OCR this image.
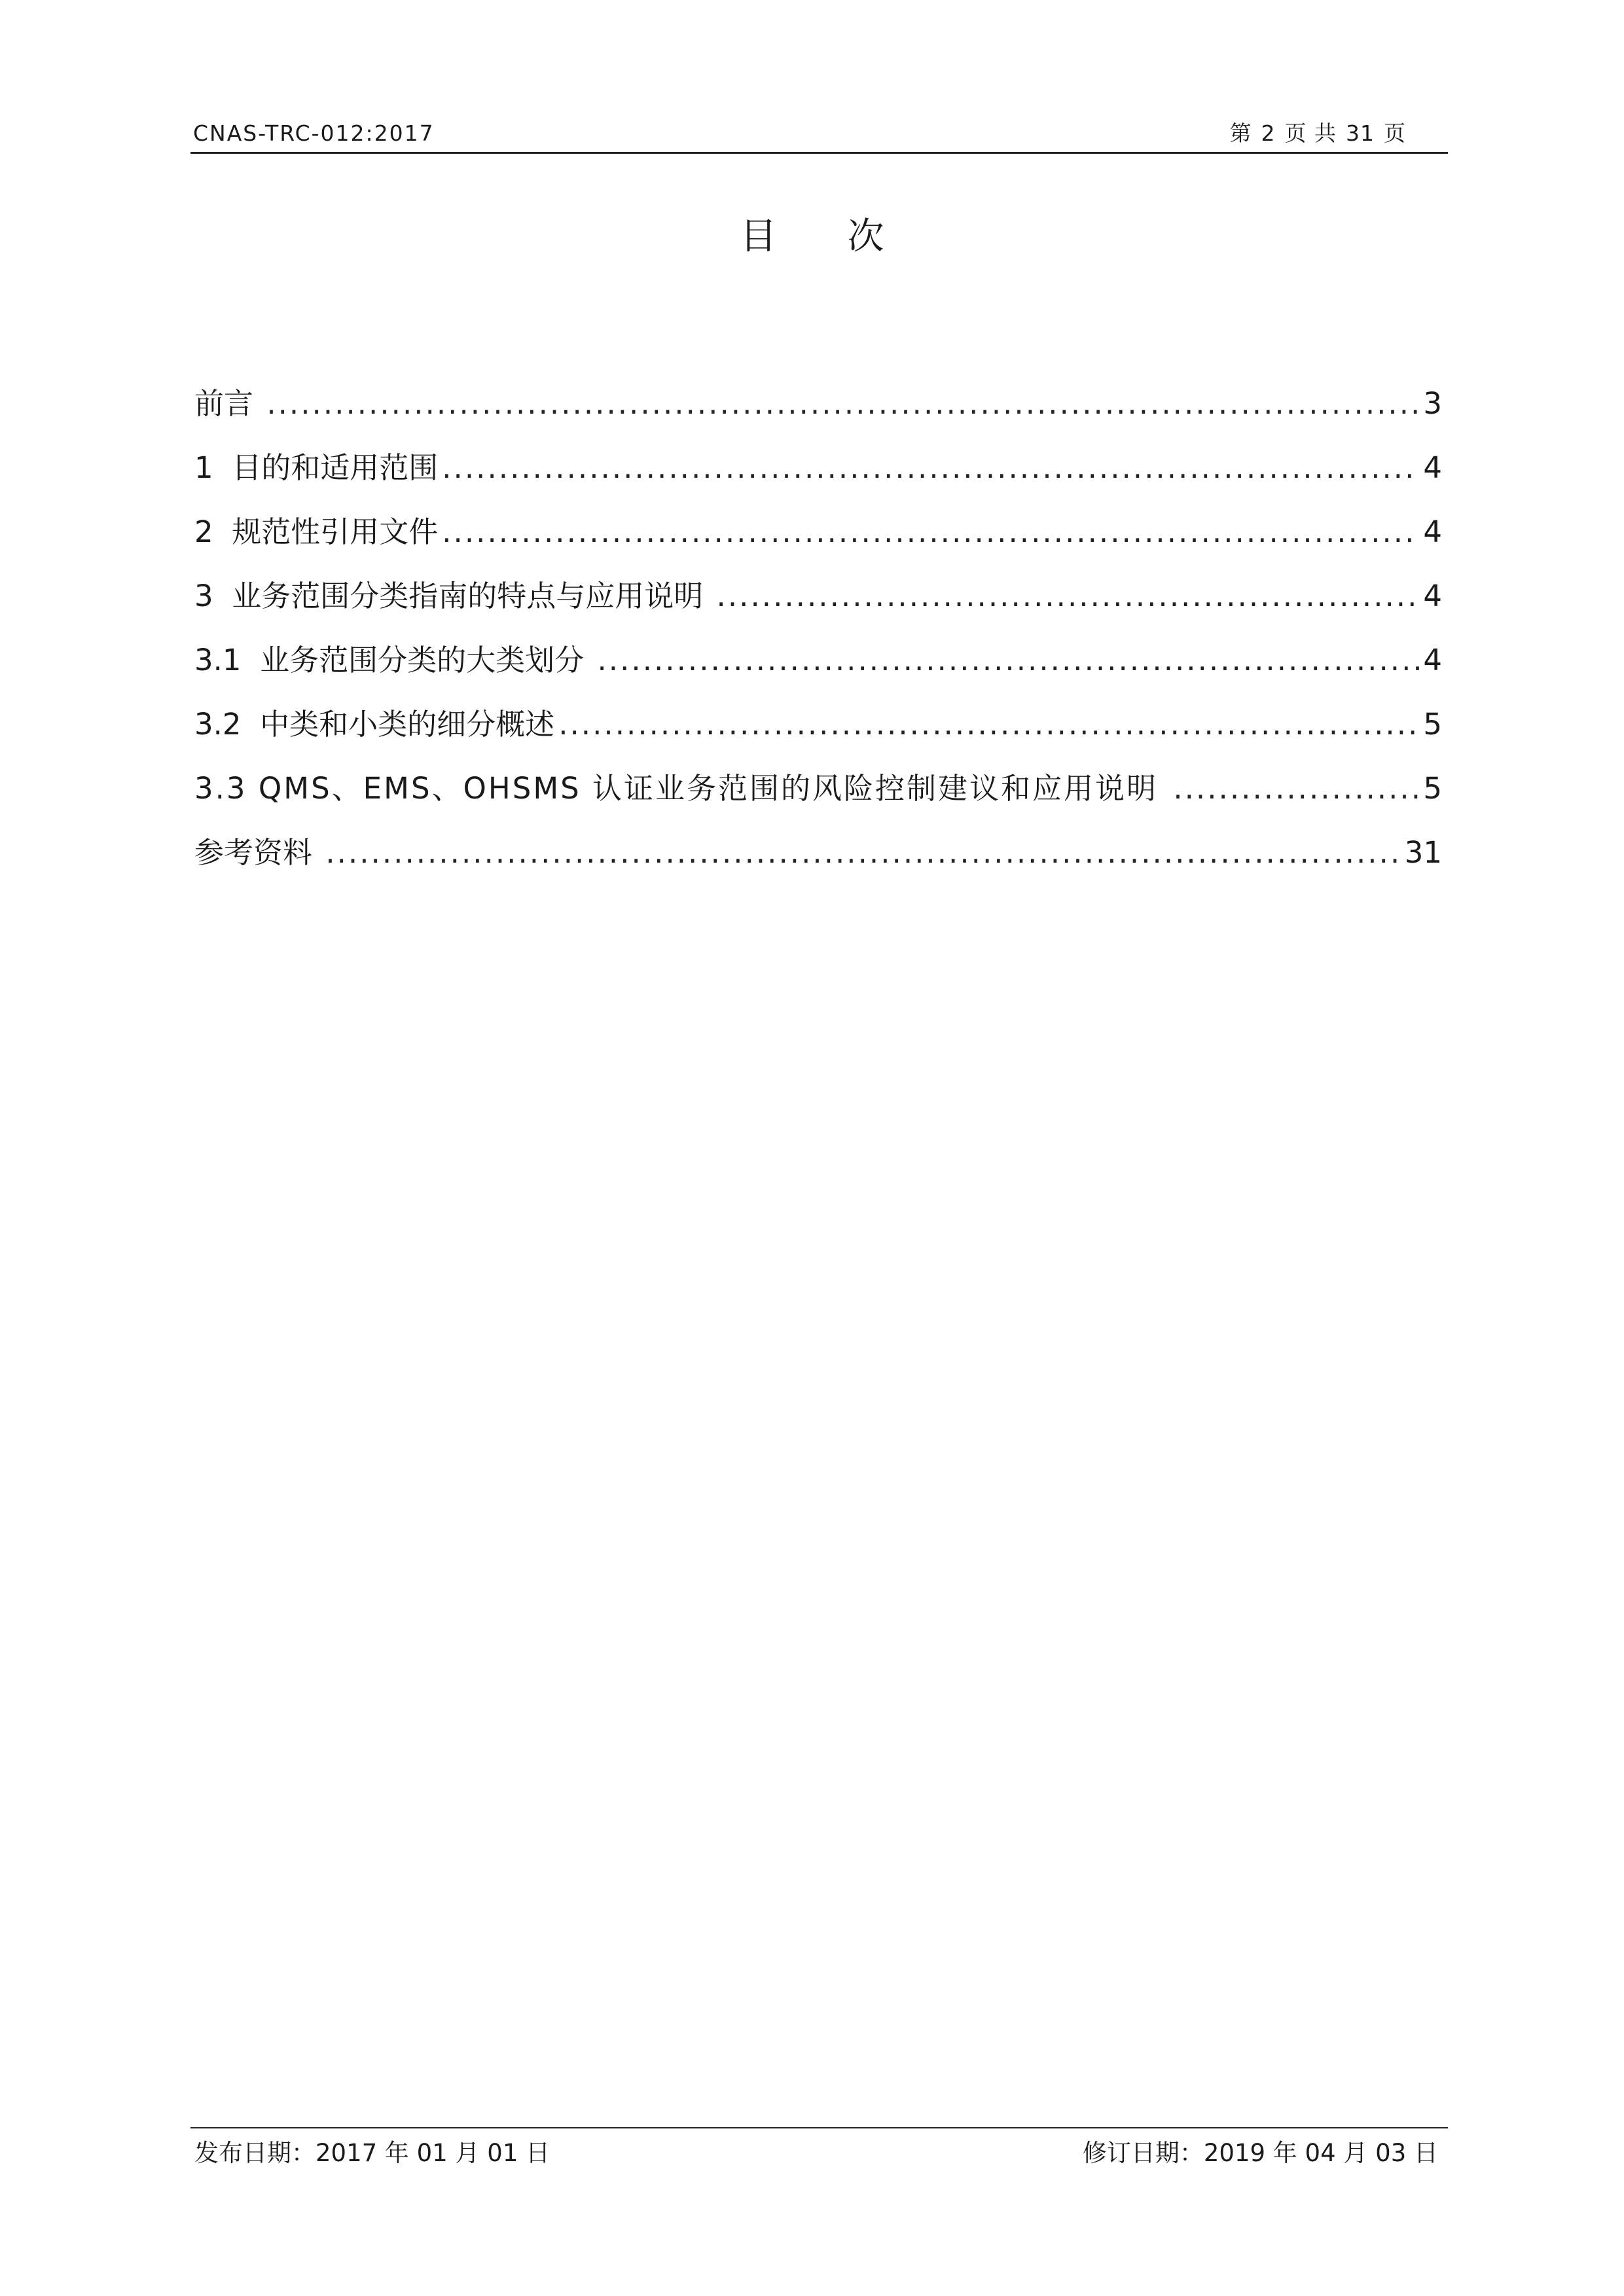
CNAS-TRC-012:2017	第 2 页 共 31 页
目 次
前言 .....	3
1  目的和适用范围 .....	4
2  规范性引用文件 .....	4
3  业务范围分类指南的特点与应用说明 .....	4
3.1  业务范围分类的大类划分 .....	4
3.2  中类和小类的细分概述 .....	5
3.3 QMS、EMS、OHSMS 认证业务范围的风险控制建议和应用说明 .....	5
参考资料 .....	31
发布日期：2017 年 01 月 01 日	修订日期：2019 年 04 月 03 日
